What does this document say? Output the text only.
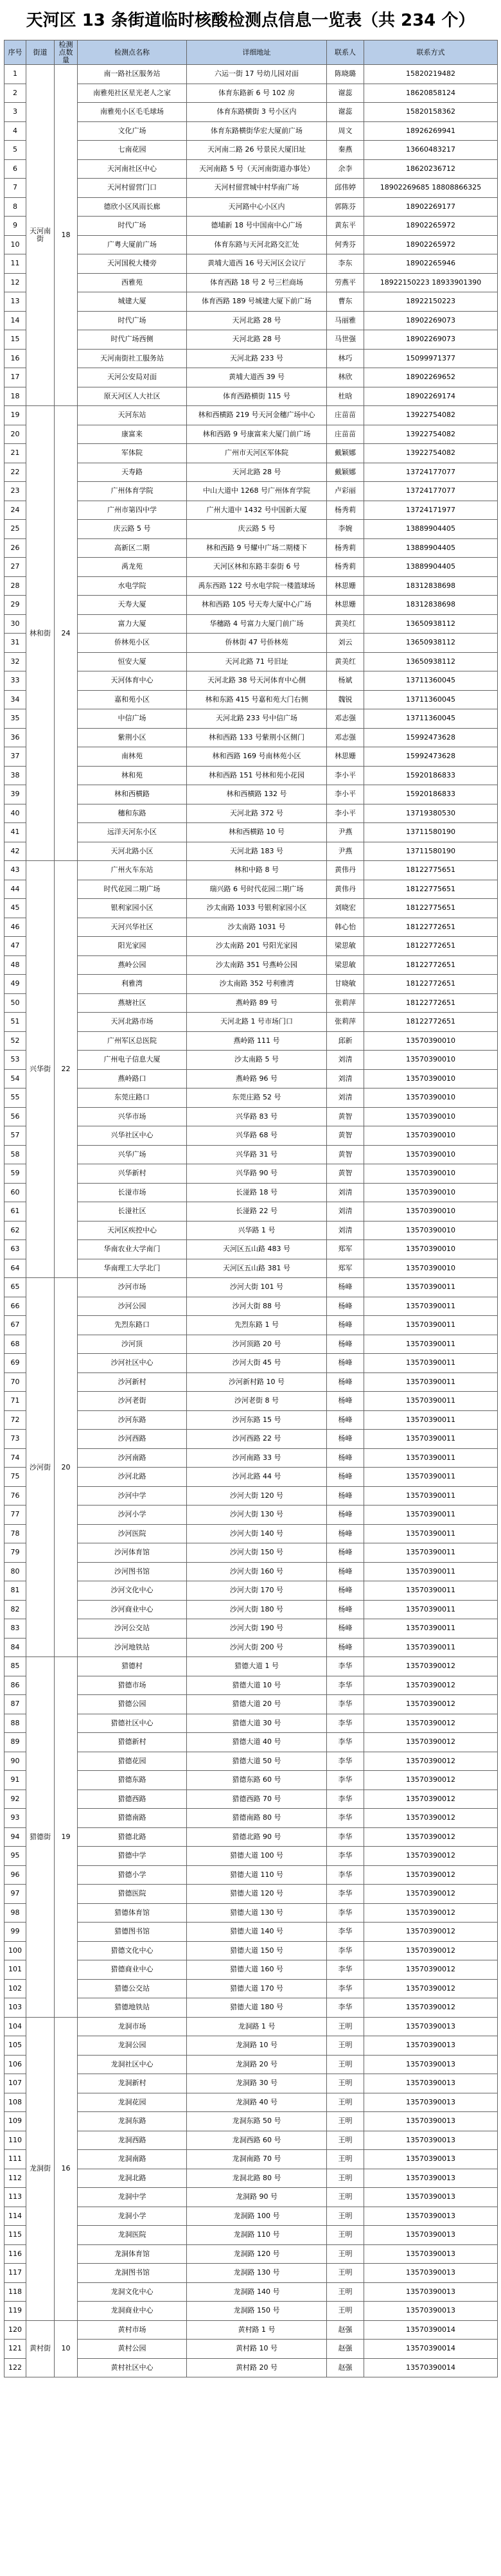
天河区 13 条街道临时核酸检测点信息一览表（共 234 个）
序号	街道	检测点数量	检测点名称	详细地址	联系人	联系方式
1	天河南街	18	南一路社区服务站	六运一街 17 号幼儿园对面	陈晓璐	15820219482
2			南雅苑社区星光老人之家	体育东路新 6 号 102 房	谢蕊	18620858124
3			南雅苑小区毛毛球场	体育东路横街 3 号小区内	谢蕊	15820158362
4			文化广场	体育东路横街华宏大厦前广场	周文	18926269941
5			七南花园	天河南二路 26 号景民大厦旧址	秦燕	13660483217
6			天河南社区中心	天河南路 5 号（天河南街道办事处）	余李	18620236712
7			天河村留营门口	天河村留营城中村华南广场	邱伟婷	18902269685 18808866325
8			德欣小区风雨长廊	天河路中心小区内	郭陈芬	18902269177
9			时代广场	德埔新 18 号中国南中心广场	黄东平	18902265972
10			广粤大厦前广场	体育东路与天河北路交汇处	何秀芬	18902265972
11			天河国税大楼旁	黄埔大道西 16 号天河区会议厅	李东	18902265946
12			西雅苑	体育西路 18 号 2 号三栏商场	劳燕平	18922150223 18933901390
13			城建大厦	体育西路 189 号城建大厦下前广场	曹东	18922150223
14			时代广场	天河北路 28 号	马丽雅	18902269073
15			时代广场西侧	天河北路 28 号	马世强	18902269073
16			天河南街社工服务站	天河北路 233 号	林巧	15099971377
17			天河公安局对面	黄埔大道西 39 号	林欣	18902269652
18			原天河区人大社区	体育西路横街 115 号	杜晗	18902269174
19	林和街	24	天河东站	林和西横路 219 号天河金穗广场中心	庄苗苗	13922754082
20			康富来	林和西路 9 号康富来大厦门前广场	庄苗苗	13922754082
21			军体院	广州市天河区军体院	戴颖娜	13922754082
22			天寿路	天河北路 28 号	戴颖娜	13724177077
23			广州体育学院	中山大道中 1268 号广州体育学院	卢彩丽	13724177077
24			广州市第四中学	广州大道中 1432 号中国新大厦	杨秀莉	13724171977
25			庆云路 5 号	庆云路 5 号	李婉	13889904405
26			高新区二期	林和西路 9 号耀中广场二期楼下	杨秀莉	13889904405
27			禹龙苑	天河区林和东路丰泰街 6 号	杨秀莉	13889904405
28			水电学院	禹东西路 122 号水电学院一楼篮球场	林思姗	18312838698
29			天寿大厦	林和西路 105 号天寿大厦中心广场	林思姗	18312838698
30			富力大厦	华穗路 4 号富力大厦门前广场	黄美红	13650938112
31			侨林苑小区	侨林街 47 号侨林苑	刘云	13650938112
32			恒安大厦	天河北路 71 号旧址	黄美红	13650938112
33			天河体育中心	天河北路 38 号天河体育中心侧	杨斌	13711360045
34			嘉和苑小区	林和东路 415 号嘉和苑大门右侧	魏锐	13711360045
35			中信广场	天河北路 233 号中信广场	邓志强	13711360045
36			紫荆小区	林和西路 133 号紫荆小区侧门	邓志强	15992473628
37			南林苑	林和西路 169 号南林苑小区	林思姗	15992473628
38			林和苑	林和西路 151 号林和苑小花园	李小平	15920186833
39			林和西横路	林和西横路 132 号	李小平	15920186833
40			穗和东路	天河北路 372 号	李小平	13719380530
41			远洋天河东小区	林和西横路 10 号	尹燕	13711580190
42			天河北路小区	天河北路 183 号	尹燕	13711580190
43	兴华街	22	广州火车东站	林和中路 8 号	黄伟丹	18122775651
44			时代花园二期广场	瑞兴路 6 号时代花园二期广场	黄伟丹	18122775651
45			银利家园小区	沙太南路 1033 号银利家园小区	刘晓宏	18122775651
46			天河兴华社区	沙太南路 1031 号	韩心怡	18122772651
47			阳光家园	沙太南路 201 号阳光家园	梁思敏	18122772651
48			燕岭公园	沙太南路 351 号燕岭公园	梁思敏	18122772651
49			利雅湾	沙太南路 352 号利雅湾	甘晓敏	18122772651
50			燕塘社区	燕岭路 89 号	张莉萍	18122772651
51			天河北路市场	天河北路 1 号市场门口	张莉萍	18122772651
52			广州军区总医院	燕岭路 111 号	邱新	13570390010
53			广州电子信息大厦	沙太南路 5 号	刘清	13570390010
54			燕岭路口	燕岭路 96 号	刘清	13570390010
55			东莞庄路口	东莞庄路 52 号	刘清	13570390010
56			兴华市场	兴华路 83 号	黄智	13570390010
57			兴华社区中心	兴华路 68 号	黄智	13570390010
58			兴华广场	兴华路 31 号	黄智	13570390010
59			兴华新村	兴华路 90 号	黄智	13570390010
60			长湴市场	长湴路 18 号	刘清	13570390010
61			长湴社区	长湴路 22 号	刘清	13570390010
62			天河区疾控中心	兴华路 1 号	刘清	13570390010
63			华南农业大学南门	天河区五山路 483 号	郑军	13570390010
64			华南理工大学北门	天河区五山路 381 号	郑军	13570390010
65	沙河街	20	沙河市场	沙河大街 101 号	杨峰	13570390011
66			沙河公园	沙河大街 88 号	杨峰	13570390011
67			先烈东路口	先烈东路 1 号	杨峰	13570390011
68			沙河顶	沙河顶路 20 号	杨峰	13570390011
69			沙河社区中心	沙河大街 45 号	杨峰	13570390011
70			沙河新村	沙河新村路 10 号	杨峰	13570390011
71			沙河老街	沙河老街 8 号	杨峰	13570390011
72			沙河东路	沙河东路 15 号	杨峰	13570390011
73			沙河西路	沙河西路 22 号	杨峰	13570390011
74			沙河南路	沙河南路 33 号	杨峰	13570390011
75			沙河北路	沙河北路 44 号	杨峰	13570390011
76			沙河中学	沙河大街 120 号	杨峰	13570390011
77			沙河小学	沙河大街 130 号	杨峰	13570390011
78			沙河医院	沙河大街 140 号	杨峰	13570390011
79			沙河体育馆	沙河大街 150 号	杨峰	13570390011
80			沙河图书馆	沙河大街 160 号	杨峰	13570390011
81			沙河文化中心	沙河大街 170 号	杨峰	13570390011
82			沙河商业中心	沙河大街 180 号	杨峰	13570390011
83			沙河公交站	沙河大街 190 号	杨峰	13570390011
84			沙河地铁站	沙河大街 200 号	杨峰	13570390011
85	猎德街	19	猎德村	猎德大道 1 号	李华	13570390012
86			猎德市场	猎德大道 10 号	李华	13570390012
87			猎德公园	猎德大道 20 号	李华	13570390012
88			猎德社区中心	猎德大道 30 号	李华	13570390012
89			猎德新村	猎德大道 40 号	李华	13570390012
90			猎德花园	猎德大道 50 号	李华	13570390012
91			猎德东路	猎德东路 60 号	李华	13570390012
92			猎德西路	猎德西路 70 号	李华	13570390012
93			猎德南路	猎德南路 80 号	李华	13570390012
94			猎德北路	猎德北路 90 号	李华	13570390012
95			猎德中学	猎德大道 100 号	李华	13570390012
96			猎德小学	猎德大道 110 号	李华	13570390012
97			猎德医院	猎德大道 120 号	李华	13570390012
98			猎德体育馆	猎德大道 130 号	李华	13570390012
99			猎德图书馆	猎德大道 140 号	李华	13570390012
100			猎德文化中心	猎德大道 150 号	李华	13570390012
101			猎德商业中心	猎德大道 160 号	李华	13570390012
102			猎德公交站	猎德大道 170 号	李华	13570390012
103			猎德地铁站	猎德大道 180 号	李华	13570390012
104	龙洞街	16	龙洞市场	龙洞路 1 号	王明	13570390013
105			龙洞公园	龙洞路 10 号	王明	13570390013
106			龙洞社区中心	龙洞路 20 号	王明	13570390013
107			龙洞新村	龙洞路 30 号	王明	13570390013
108			龙洞花园	龙洞路 40 号	王明	13570390013
109			龙洞东路	龙洞东路 50 号	王明	13570390013
110			龙洞西路	龙洞西路 60 号	王明	13570390013
111			龙洞南路	龙洞南路 70 号	王明	13570390013
112			龙洞北路	龙洞北路 80 号	王明	13570390013
113			龙洞中学	龙洞路 90 号	王明	13570390013
114			龙洞小学	龙洞路 100 号	王明	13570390013
115			龙洞医院	龙洞路 110 号	王明	13570390013
116			龙洞体育馆	龙洞路 120 号	王明	13570390013
117			龙洞图书馆	龙洞路 130 号	王明	13570390013
118			龙洞文化中心	龙洞路 140 号	王明	13570390013
119			龙洞商业中心	龙洞路 150 号	王明	13570390013
120	黄村街	10	黄村市场	黄村路 1 号	赵强	13570390014
121			黄村公园	黄村路 10 号	赵强	13570390014
122			黄村社区中心	黄村路 20 号	赵强	13570390014
